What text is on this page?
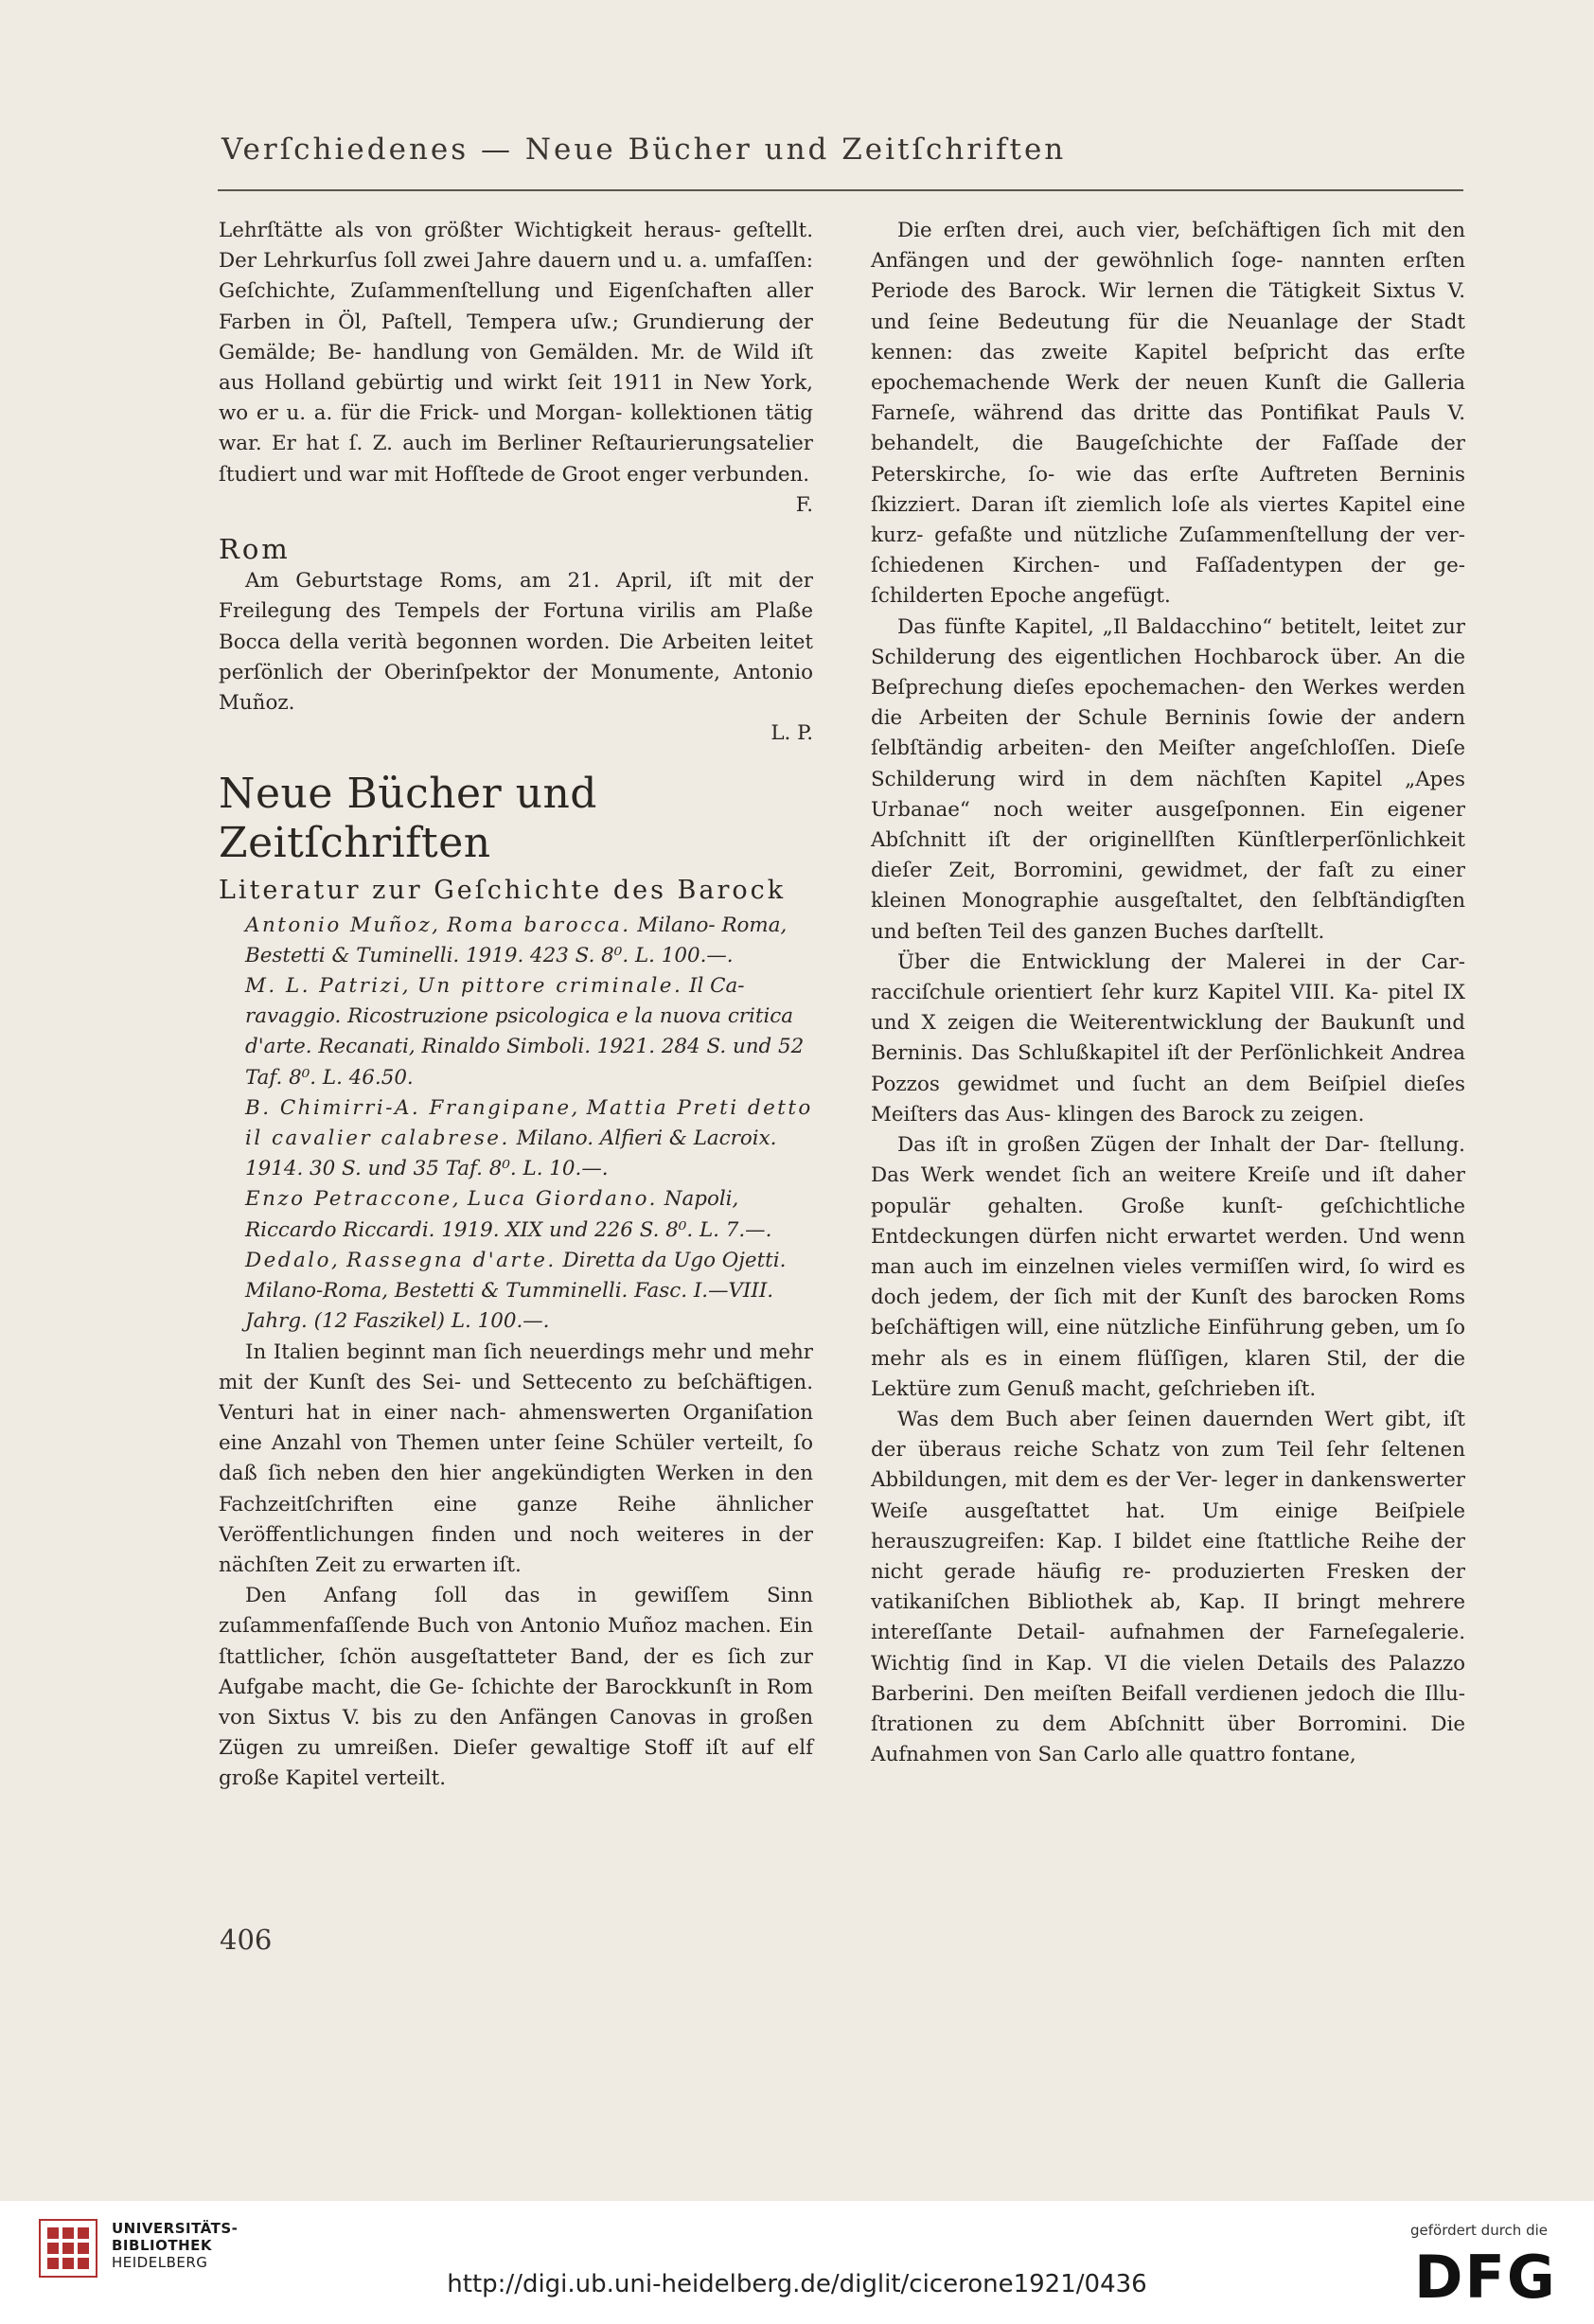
Verſchiedenes — Neue Bücher und Zeitſchriften

Lehrſtätte als von größter Wichtigkeit heraus- geſtellt. Der Lehrkurſus ſoll zwei Jahre dauern und u. a. umfaſſen: Geſchichte, Zuſammenſtellung und Eigenſchaften aller Farben in Öl, Paſtell, Tempera uſw.; Grundierung der Gemälde; Be- handlung von Gemälden. Mr. de Wild iſt aus Holland gebürtig und wirkt ſeit 1911 in New York, wo er u. a. für die Frick- und Morgan- kollektionen tätig war. Er hat ſ. Z. auch im Berliner Reſtaurierungsatelier ſtudiert und war mit Hofſtede de Groot enger verbunden.

F.

Rom

Am Geburtstage Roms, am 21. April, iſt mit der Freilegung des Tempels der Fortuna virilis am Plaße Bocca della verità begonnen worden. Die Arbeiten leitet perſönlich der Oberinſpektor der Monumente, Antonio Muñoz.

L. P.

Neue Bücher und Zeitſchriften
Literatur zur Geſchichte des Barock

Antonio Muñoz, Roma barocca. Milano- Roma, Bestetti & Tuminelli. 1919. 423 S. 8⁰. L. 100.—.

M. L. Patrizi, Un pittore criminale. Il Ca- ravaggio. Ricostruzione psicologica e la nuova critica d'arte. Recanati, Rinaldo Simboli. 1921. 284 S. und 52 Taf. 8⁰. L. 46.50.

B. Chimirri-A. Frangipane, Mattia Preti detto il cavalier calabrese. Milano. Alfieri & Lacroix. 1914. 30 S. und 35 Taf. 8⁰. L. 10.—.

Enzo Petraccone, Luca Giordano. Napoli, Riccardo Riccardi. 1919. XIX und 226 S. 8⁰. L. 7.—.

Dedalo, Rassegna d'arte. Diretta da Ugo Ojetti. Milano-Roma, Bestetti & Tumminelli. Fasc. I.—VIII. Jahrg. (12 Faszikel) L. 100.—.

In Italien beginnt man ſich neuerdings mehr und mehr mit der Kunſt des Sei- und Settecento zu beſchäftigen. Venturi hat in einer nach- ahmenswerten Organiſation eine Anzahl von Themen unter ſeine Schüler verteilt, ſo daß ſich neben den hier angekündigten Werken in den Fachzeitſchriften eine ganze Reihe ähnlicher Veröffentlichungen finden und noch weiteres in der nächſten Zeit zu erwarten iſt.

Den Anfang ſoll das in gewiſſem Sinn zuſammenfaſſende Buch von Antonio Muñoz machen. Ein ſtattlicher, ſchön ausgeſtatteter Band, der es ſich zur Aufgabe macht, die Ge- ſchichte der Barockkunſt in Rom von Sixtus V. bis zu den Anfängen Canovas in großen Zügen zu umreißen. Dieſer gewaltige Stoff iſt auf elf große Kapitel verteilt.

Die erſten drei, auch vier, beſchäftigen ſich mit den Anfängen und der gewöhnlich ſoge- nannten erſten Periode des Barock. Wir lernen die Tätigkeit Sixtus V. und ſeine Bedeutung für die Neuanlage der Stadt kennen: das zweite Kapitel beſpricht das erſte epochemachende Werk der neuen Kunſt die Galleria Farneſe, während das dritte das Pontifikat Pauls V. behandelt, die Baugeſchichte der Faſſade der Peterskirche, ſo- wie das erſte Auftreten Berninis ſkizziert. Daran iſt ziemlich loſe als viertes Kapitel eine kurz- gefaßte und nützliche Zuſammenſtellung der ver- ſchiedenen Kirchen- und Faſſadentypen der ge- ſchilderten Epoche angefügt.

Das fünfte Kapitel, „Il Baldacchino“ betitelt, leitet zur Schilderung des eigentlichen Hochbarock über. An die Beſprechung dieſes epochemachen- den Werkes werden die Arbeiten der Schule Berninis ſowie der andern ſelbſtändig arbeiten- den Meiſter angeſchloſſen. Dieſe Schilderung wird in dem nächſten Kapitel „Apes Urbanae“ noch weiter ausgeſponnen. Ein eigener Abſchnitt iſt der originellſten Künſtlerperſönlichkeit dieſer Zeit, Borromini, gewidmet, der faſt zu einer kleinen Monographie ausgeſtaltet, den ſelbſtändigſten und beſten Teil des ganzen Buches darſtellt.

Über die Entwicklung der Malerei in der Car- racciſchule orientiert ſehr kurz Kapitel VIII. Ka- pitel IX und X zeigen die Weiterentwicklung der Baukunſt und Berninis. Das Schlußkapitel iſt der Perſönlichkeit Andrea Pozzos gewidmet und ſucht an dem Beiſpiel dieſes Meiſters das Aus- klingen des Barock zu zeigen.

Das iſt in großen Zügen der Inhalt der Dar- ſtellung. Das Werk wendet ſich an weitere Kreiſe und iſt daher populär gehalten. Große kunſt- geſchichtliche Entdeckungen dürfen nicht erwartet werden. Und wenn man auch im einzelnen vieles vermiſſen wird, ſo wird es doch jedem, der ſich mit der Kunſt des barocken Roms beſchäftigen will, eine nützliche Einführung geben, um ſo mehr als es in einem flüſſigen, klaren Stil, der die Lektüre zum Genuß macht, geſchrieben iſt.

Was dem Buch aber ſeinen dauernden Wert gibt, iſt der überaus reiche Schatz von zum Teil ſehr ſeltenen Abbildungen, mit dem es der Ver- leger in dankenswerter Weiſe ausgeſtattet hat. Um einige Beiſpiele herauszugreifen: Kap. I bildet eine ſtattliche Reihe der nicht gerade häufig re- produzierten Fresken der vatikaniſchen Bibliothek ab, Kap. II bringt mehrere intereſſante Detail- aufnahmen der Farneſegalerie. Wichtig ſind in Kap. VI die vielen Details des Palazzo Barberini. Den meiſten Beifall verdienen jedoch die Illu- ſtrationen zu dem Abſchnitt über Borromini. Die Aufnahmen von San Carlo alle quattro fontane,

406
UNIVERSITÄTS-
BIBLIOTHEK
HEIDELBERG
http://digi.ub.uni-heidelberg.de/diglit/cicerone1921/0436
gefördert durch die
DFG
